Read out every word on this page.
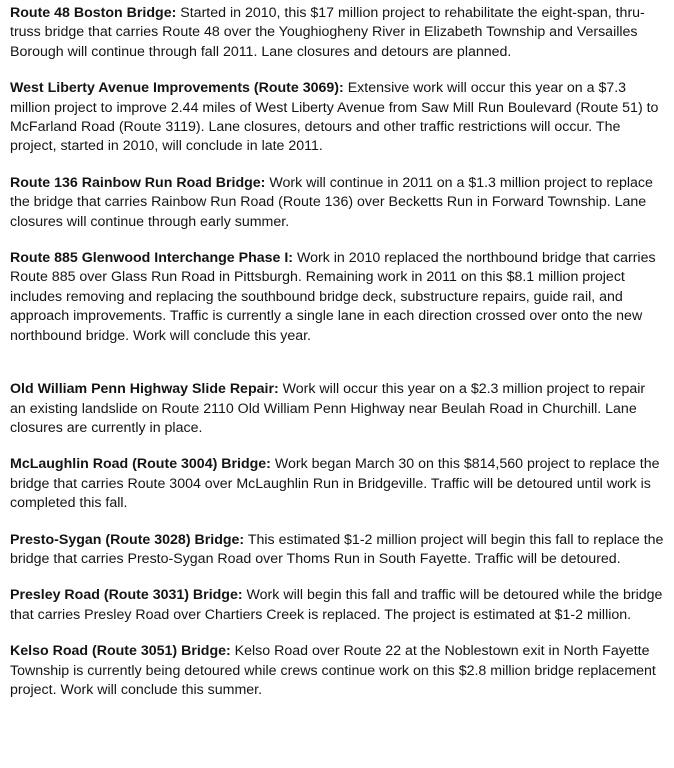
Route 48 Boston Bridge: Started in 2010, this $17 million project to rehabilitate the eight-span, thru-truss bridge that carries Route 48 over the Youghiogheny River in Elizabeth Township and Versailles Borough will continue through fall 2011. Lane closures and detours are planned.

West Liberty Avenue Improvements (Route 3069): Extensive work will occur this year on a $7.3 million project to improve 2.44 miles of West Liberty Avenue from Saw Mill Run Boulevard (Route 51) to McFarland Road (Route 3119). Lane closures, detours and other traffic restrictions will occur. The project, started in 2010, will conclude in late 2011.

Route 136 Rainbow Run Road Bridge: Work will continue in 2011 on a $1.3 million project to replace the bridge that carries Rainbow Run Road (Route 136) over Becketts Run in Forward Township. Lane closures will continue through early summer.

Route 885 Glenwood Interchange Phase I: Work in 2010 replaced the northbound bridge that carries Route 885 over Glass Run Road in Pittsburgh. Remaining work in 2011 on this $8.1 million project includes removing and replacing the southbound bridge deck, substructure repairs, guide rail, and approach improvements. Traffic is currently a single lane in each direction crossed over onto the new northbound bridge. Work will conclude this year.

Old William Penn Highway Slide Repair: Work will occur this year on a $2.3 million project to repair an existing landslide on Route 2110 Old William Penn Highway near Beulah Road in Churchill. Lane closures are currently in place.

McLaughlin Road (Route 3004) Bridge: Work began March 30 on this $814,560 project to replace the bridge that carries Route 3004 over McLaughlin Run in Bridgeville. Traffic will be detoured until work is completed this fall.

Presto-Sygan (Route 3028) Bridge: This estimated $1-2 million project will begin this fall to replace the bridge that carries Presto-Sygan Road over Thoms Run in South Fayette. Traffic will be detoured.

Presley Road (Route 3031) Bridge: Work will begin this fall and traffic will be detoured while the bridge that carries Presley Road over Chartiers Creek is replaced. The project is estimated at $1-2 million.

Kelso Road (Route 3051) Bridge: Kelso Road over Route 22 at the Noblestown exit in North Fayette Township is currently being detoured while crews continue work on this $2.8 million bridge replacement project. Work will conclude this summer.
